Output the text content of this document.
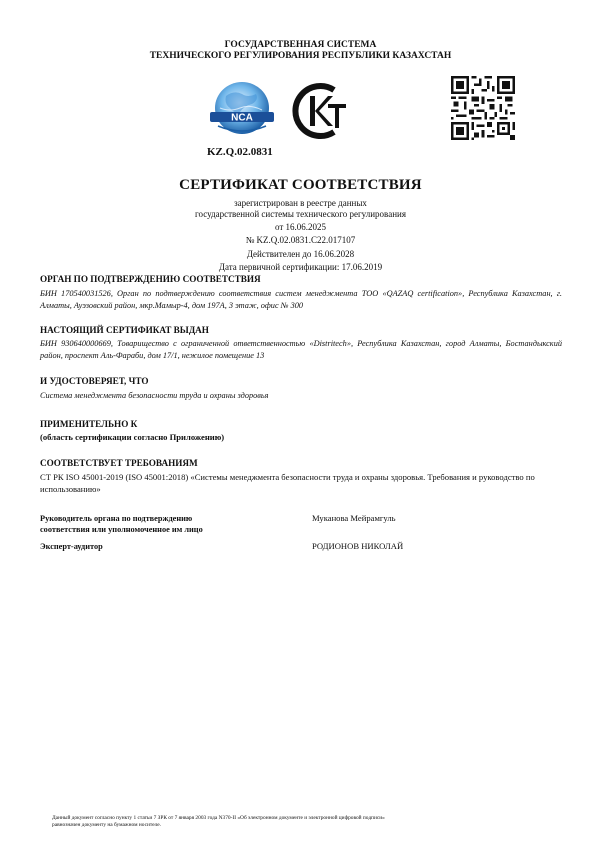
ГОСУДАРСТВЕННАЯ СИСТЕМА
ТЕХНИЧЕСКОГО РЕГУЛИРОВАНИЯ РЕСПУБЛИКИ КАЗАХСТАН
NCA
KZ.Q.02.0831
СЕРТИФИКАТ СООТВЕТСТВИЯ
зарегистрирован в реестре данных
государственной системы технического регулирования
от 16.06.2025
№ KZ.Q.02.0831.C22.017107
Действителен до 16.06.2028
Дата первичной сертификации: 17.06.2019
ОРГАН ПО ПОДТВЕРЖДЕНИЮ СООТВЕТСТВИЯ
БИН 170540031526, Орган по подтверждению соответствия систем менеджмента ТОО «QAZAQ certification», Республика Казахстан, г. Алматы, Ауэзовский район, мкр.Мамыр-4, дом 197А, 3 этаж, офис № 300
НАСТОЯЩИЙ СЕРТИФИКАТ ВЫДАН
БИН 930640000669, Товарищество с ограниченной ответственностью «Distritech», Республика Казахстан, город Алматы, Бостандыкский район, проспект Аль-Фараби, дом 17/1, нежилое помещение 13
И УДОСТОВЕРЯЕТ, ЧТО
Система менеджмента безопасности труда и охраны здоровья
ПРИМЕНИТЕЛЬНО К
(область сертификации согласно Приложению)
СООТВЕТСТВУЕТ ТРЕБОВАНИЯМ
СТ РК ISO 45001-2019 (ISO 45001:2018) «Системы менеджмента безопасности труда и охраны здоровья. Требования и руководство по использованию»
Руководитель органа по подтверждению
соответствия или уполномоченное им лицо
Муканова Мейрамгуль
Эксперт-аудитор	РОДИОНОВ НИКОЛАЙ
Данный документ согласно пункту 1 статьи 7 ЗРК от 7 января 2003 года N370-II «Об электронном документе и электронной цифровой подписи»
равнозначен документу на бумажном носителе.
